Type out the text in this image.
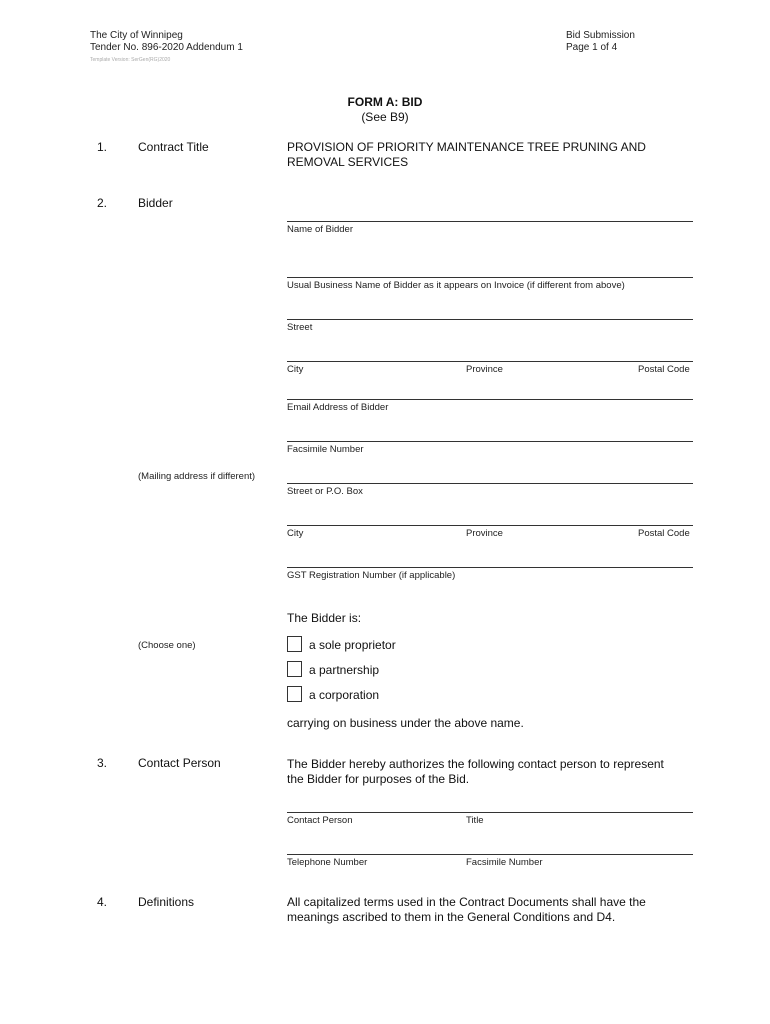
The City of Winnipeg
Tender No. 896-2020 Addendum 1
Template Version: SerGen(RG)2020
Bid Submission
Page 1 of 4
FORM A: BID
(See B9)
1.	Contract Title	PROVISION OF PRIORITY MAINTENANCE TREE PRUNING AND
REMOVAL SERVICES
2.	Bidder
Name of Bidder
Usual Business Name of Bidder as it appears on Invoice (if different from above)
Street
City	Province	Postal Code
Email Address of Bidder
Facsimile Number
(Mailing address if different)
Street or P.O. Box
City	Province	Postal Code
GST Registration Number (if applicable)
The Bidder is:
(Choose one)	a sole proprietor
a partnership
a corporation
carrying on business under the above name.
3.	Contact Person	The Bidder hereby authorizes the following contact person to represent
the Bidder for purposes of the Bid.
Contact Person	Title
Telephone Number	Facsimile Number
4.	Definitions	All capitalized terms used in the Contract Documents shall have the
meanings ascribed to them in the General Conditions and D4.
